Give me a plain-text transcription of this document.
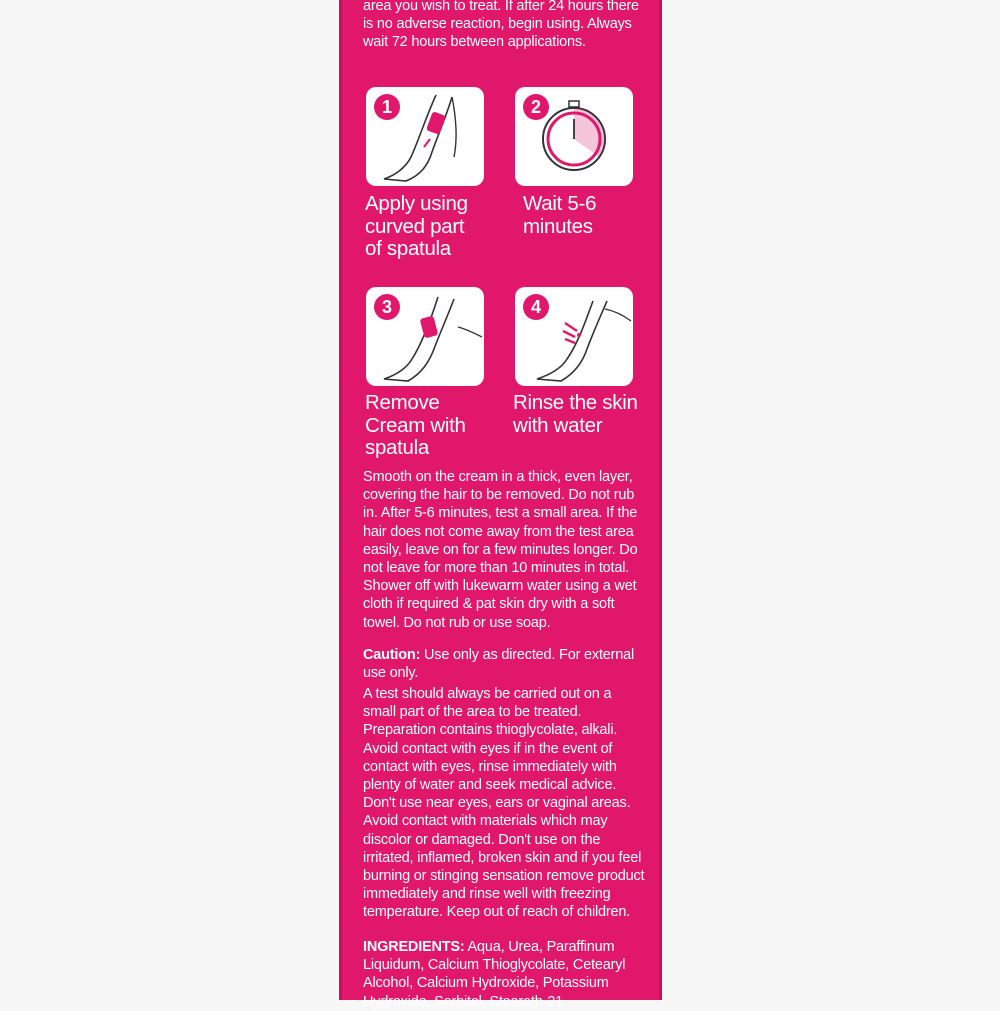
area you wish to treat. If after 24 hours there is no adverse reaction, begin using. Always wait 72 hours between applications.
1
Apply using
curved part
of spatula
2
Wait 5-6
minutes
3
Remove
Cream with
spatula
4
Rinse the skin
with water
Smooth on the cream in a thick, even layer, covering the hair to be removed. Do not rub in. After 5-6 minutes, test a small area. If the hair does not come away from the test area easily, leave on for a few minutes longer. Do not leave for more than 10 minutes in total. Shower off with lukewarm water using a wet cloth if required & pat skin dry with a soft towel. Do not rub or use soap.
Caution: Use only as directed. For external use only.
A test should always be carried out on a small part of the area to be treated. Preparation contains thioglycolate, alkali. Avoid contact with eyes if in the event of contact with eyes, rinse immediately with plenty of water and seek medical advice. Don't use near eyes, ears or vaginal areas. Avoid contact with materials which may discolor or damaged. Don't use on the irritated, inflamed, broken skin and if you feel burning or stinging sensation remove product immediately and rinse well with freezing temperature. Keep out of reach of children.
INGREDIENTS: Aqua, Urea, Paraffinum Liquidum, Calcium Thioglycolate, Cetearyl Alcohol, Calcium Hydroxide, Potassium Hydroxide, Sorbitol, Steareth-21
